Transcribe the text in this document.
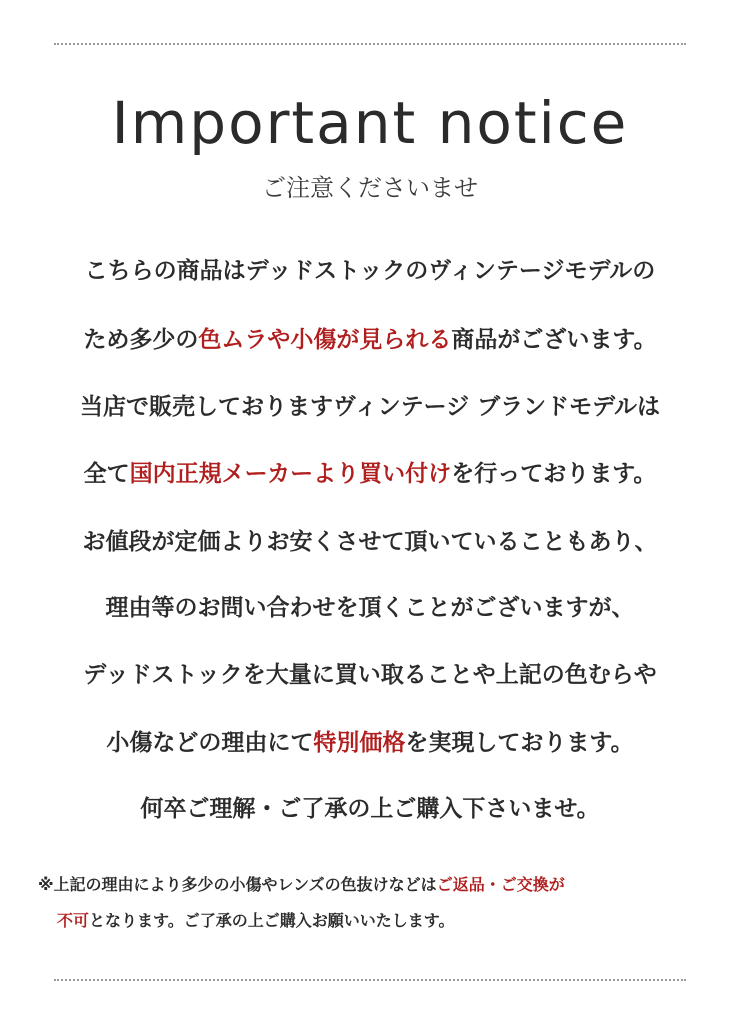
Important notice
ご注意くださいませ
こちらの商品はデッドストックのヴィンテージモデルの
ため多少の色ムラや小傷が見られる商品がございます。
当店で販売しておりますヴィンテージ ブランドモデルは
全て国内正規メーカーより買い付けを行っております。
お値段が定価よりお安くさせて頂いていることもあり、
理由等のお問い合わせを頂くことがございますが、
デッドストックを大量に買い取ることや上記の色むらや
小傷などの理由にて特別価格を実現しております。
何卒ご理解・ご了承の上ご購入下さいませ。
※上記の理由により多少の小傷やレンズの色抜けなどはご返品・ご交換が
不可となります。ご了承の上ご購入お願いいたします。
